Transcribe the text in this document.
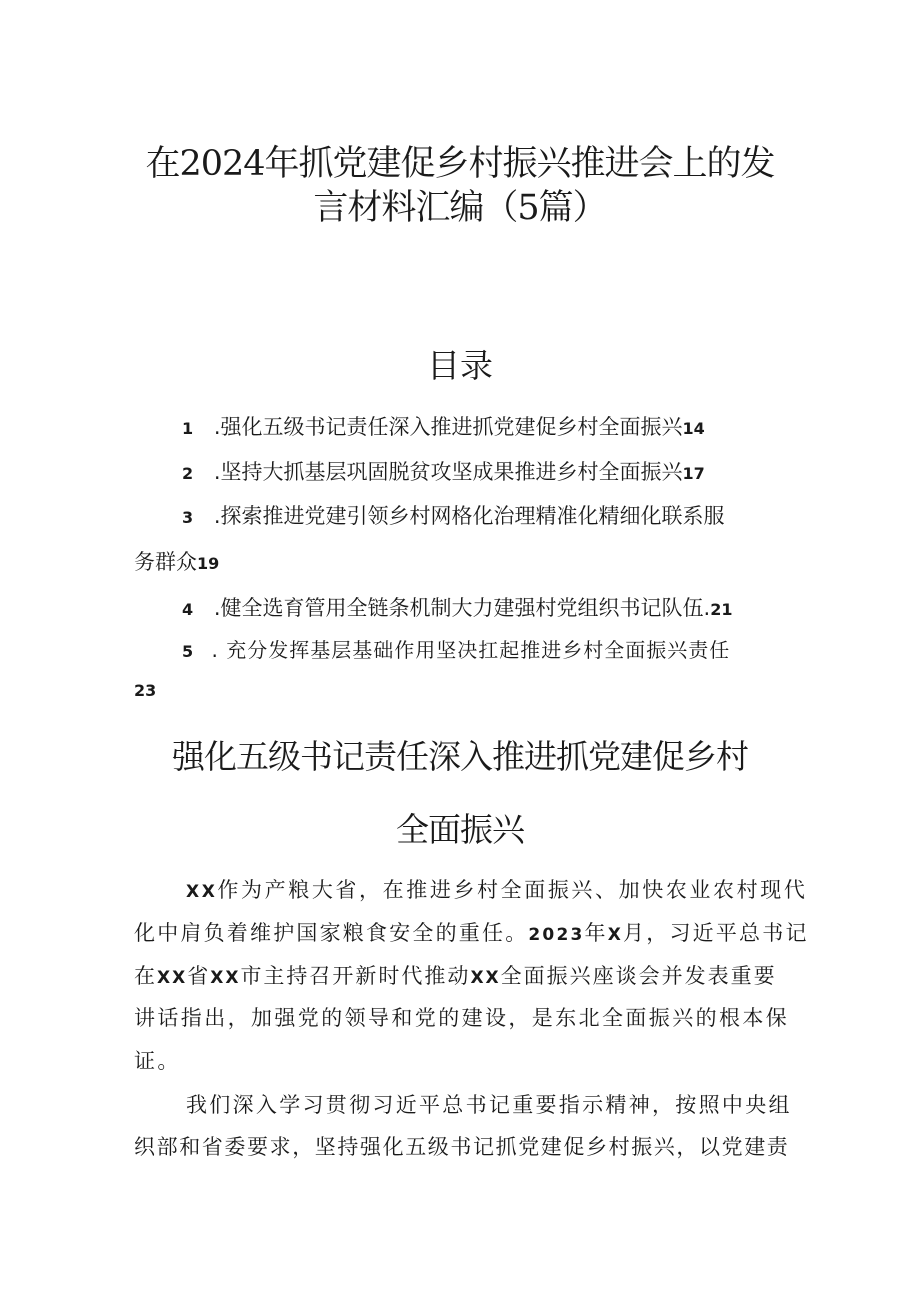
在2024年抓党建促乡村振兴推进会上的发
言材料汇编（5篇）
目录
1 .强化五级书记责任深入推进抓党建促乡村全面振兴14
2 .坚持大抓基层巩固脱贫攻坚成果推进乡村全面振兴17
3 .探索推进党建引领乡村网格化治理精准化精细化联系服
务群众19
4 .健全选育管用全链条机制大力建强村党组织书记队伍.21
5 . 充分发挥基层基础作用坚决扛起推进乡村全面振兴责任
23
强化五级书记责任深入推进抓党建促乡村
全面振兴
XX作为产粮大省，在推进乡村全面振兴、加快农业农村现代
化中肩负着维护国家粮食安全的重任。2023年X月，习近平总书记
在XX省XX市主持召开新时代推动XX全面振兴座谈会并发表重要
讲话指出，加强党的领导和党的建设，是东北全面振兴的根本保
证。
我们深入学习贯彻习近平总书记重要指示精神，按照中央组
织部和省委要求，坚持强化五级书记抓党建促乡村振兴，以党建责
